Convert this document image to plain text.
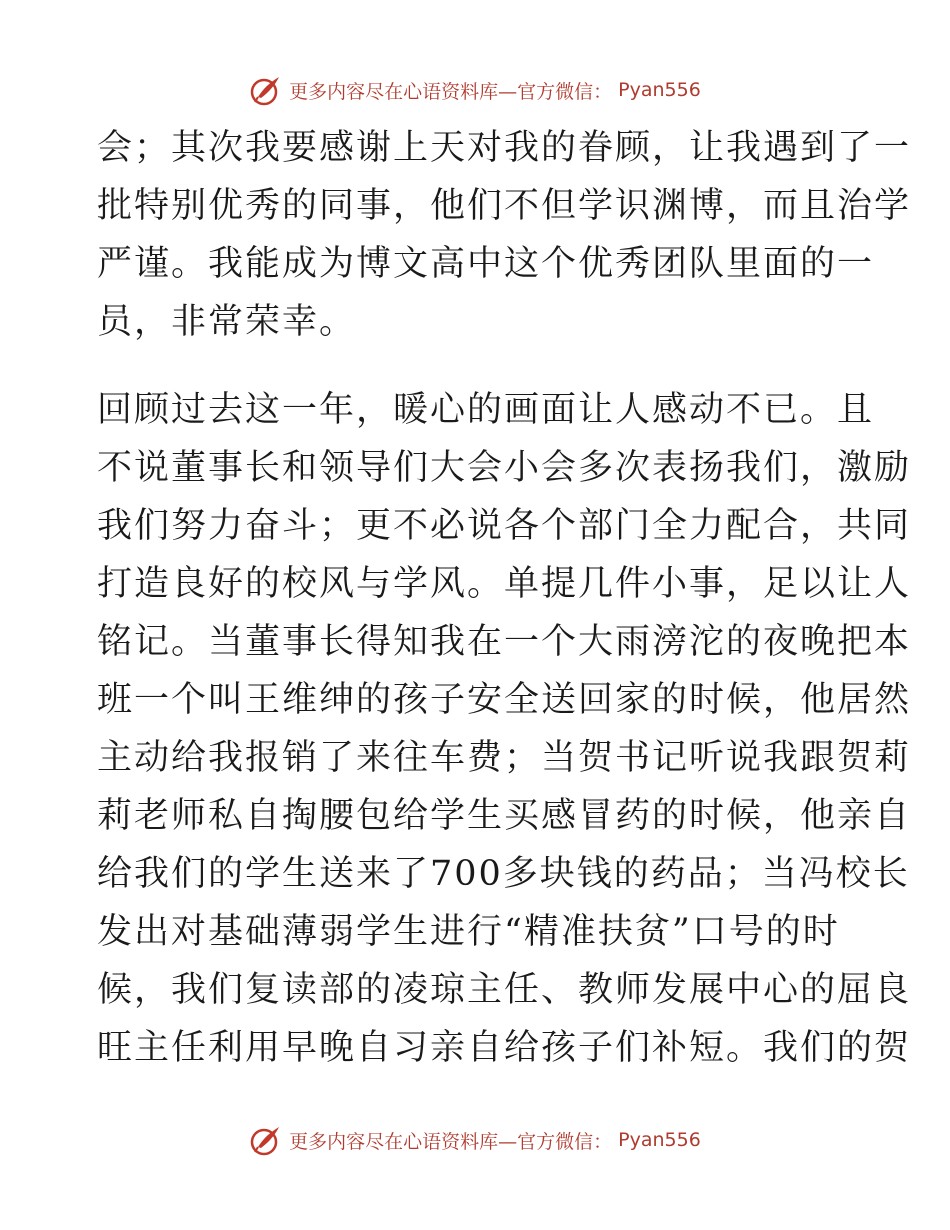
更多内容尽在心语资料库—官方微信： Pyan556
会；其次我要感谢上天对我的眷顾，让我遇到了一
批特别优秀的同事，他们不但学识渊博，而且治学
严谨。我能成为博文高中这个优秀团队里面的一
员，非常荣幸。
回顾过去这一年，暖心的画面让人感动不已。且
不说董事长和领导们大会小会多次表扬我们，激励
我们努力奋斗；更不必说各个部门全力配合，共同
打造良好的校风与学风。单提几件小事，足以让人
铭记。当董事长得知我在一个大雨滂沱的夜晚把本
班一个叫王维绅的孩子安全送回家的时候，他居然
主动给我报销了来往车费；当贺书记听说我跟贺莉
莉老师私自掏腰包给学生买感冒药的时候，他亲自
给我们的学生送来了700多块钱的药品；当冯校长
发出对基础薄弱学生进行“精准扶贫”口号的时
候，我们复读部的凌琼主任、教师发展中心的屈良
旺主任利用早晚自习亲自给孩子们补短。我们的贺
更多内容尽在心语资料库—官方微信： Pyan556
